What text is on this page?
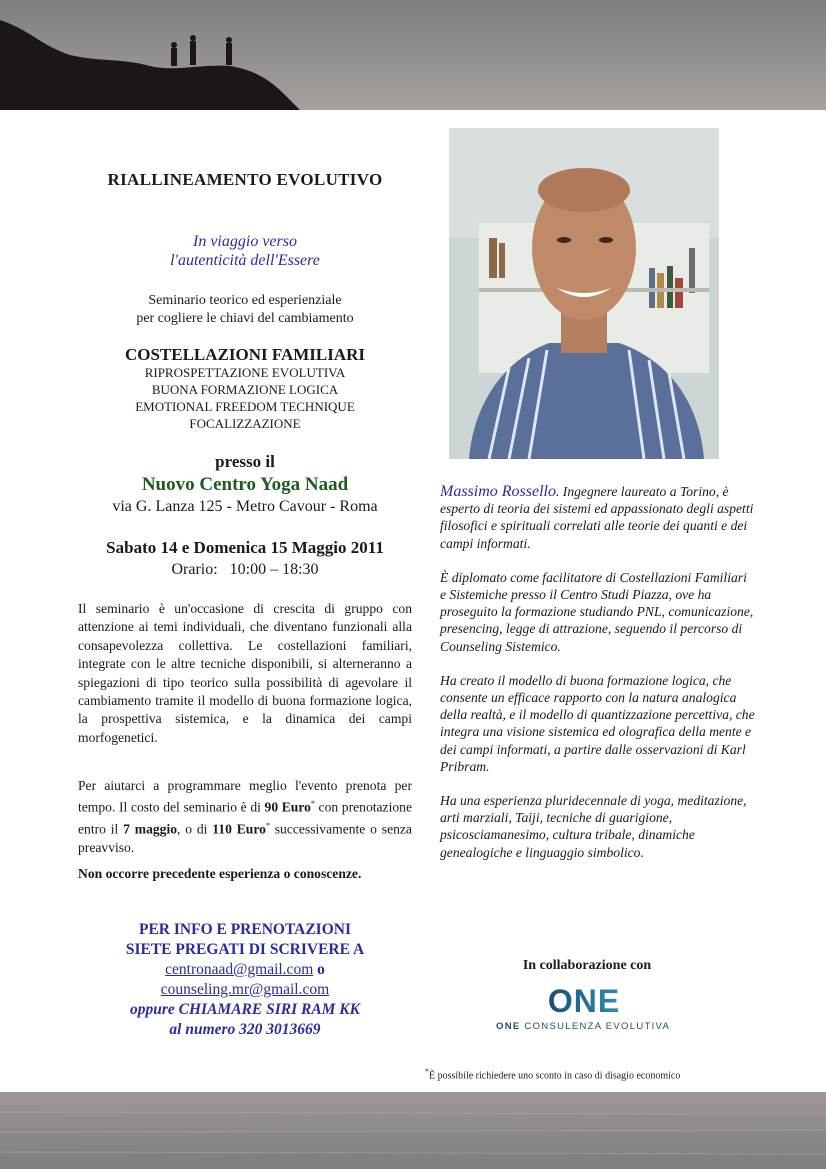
RIALLINEAMENTO EVOLUTIVO
In viaggio verso
l'autenticità dell'Essere
Seminario teorico ed esperienziale
per cogliere le chiavi del cambiamento
COSTELLAZIONI FAMILIARI
RIPROSPETTAZIONE EVOLUTIVA
BUONA FORMAZIONE LOGICA
EMOTIONAL FREEDOM TECHNIQUE
FOCALIZZAZIONE
presso il
Nuovo Centro Yoga Naad
via G. Lanza 125 - Metro Cavour - Roma
Sabato 14 e Domenica 15 Maggio 2011
Orario: 10:00 – 18:30
Il seminario è un'occasione di crescita di gruppo con attenzione ai temi individuali, che diventano funzionali alla consapevolezza collettiva. Le costellazioni familiari, integrate con le altre tecniche disponibili, si alterneranno a spiegazioni di tipo teorico sulla possibilità di agevolare il cambiamento tramite il modello di buona formazione logica, la prospettiva sistemica, e la dinamica dei campi morfogenetici.
Per aiutarci a programmare meglio l'evento prenota per tempo. Il costo del seminario è di 90 Euro* con prenotazione entro il 7 maggio, o di 110 Euro* successivamente o senza preavviso.
Non occorre precedente esperienza o conoscenze.
PER INFO E PRENOTAZIONI
SIETE PREGATI DI SCRIVERE A
centronaad@gmail.com o
counseling.mr@gmail.com
oppure CHIAMARE SIRI RAM KK
al numero 320 3013669

Massimo Rossello. Ingegnere laureato a Torino, è esperto di teoria dei sistemi ed appassionato degli aspetti filosofici e spirituali correlati alle teorie dei quanti e dei campi informati.

È diplomato come facilitatore di Costellazioni Familiari e Sistemiche presso il Centro Studi Piazza, ove ha proseguito la formazione studiando PNL, comunicazione, presencing, legge di attrazione, seguendo il percorso di Counseling Sistemico.

Ha creato il modello di buona formazione logica, che consente un efficace rapporto con la natura analogica della realtà, e il modello di quantizzazione percettiva, che integra una visione sistemica ed olografica della mente e dei campi informati, a partire dalle osservazioni di Karl Pribram.

Ha una esperienza pluridecennale di yoga, meditazione, arti marziali, Taiji, tecniche di guarigione, psicosciamanesimo, cultura tribale, dinamiche genealogiche e linguaggio simbolico.

In collaborazione con
ONE
ONE CONSULENZA EVOLUTIVA
*È possibile richiedere uno sconto in caso di disagio economico
